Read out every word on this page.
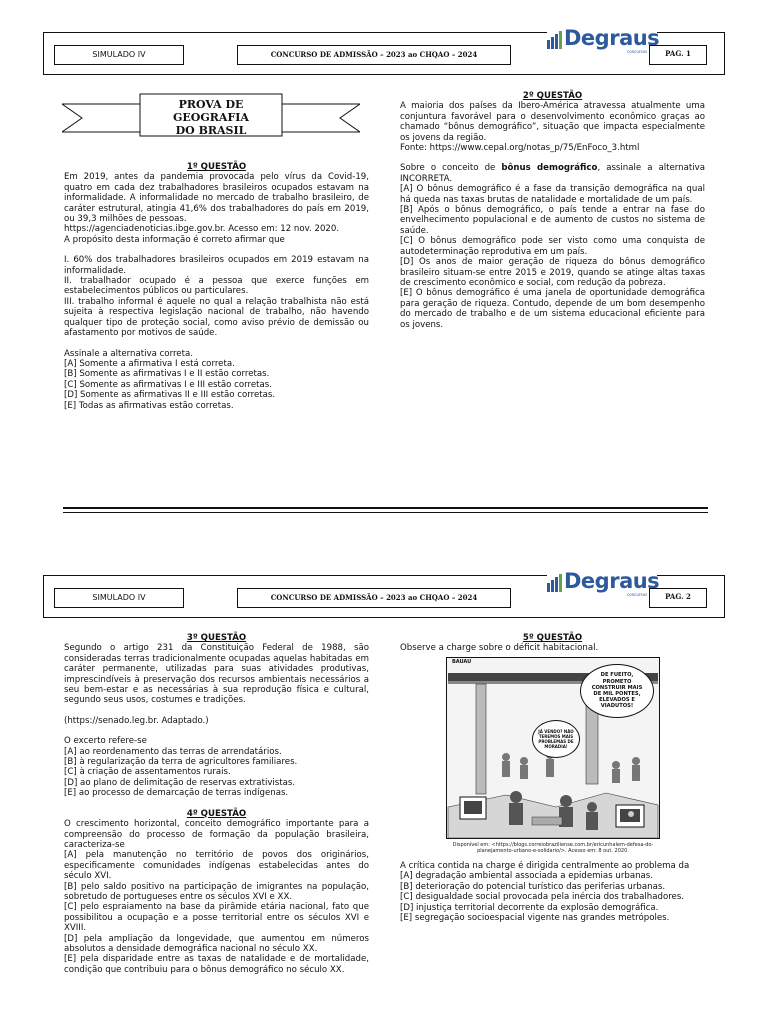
SIMULADO IV	CONCURSO DE ADMISSÃO – 2023 ao CHQAO – 2024
Degraus
concursos	PAG. 1
PROVA DE GEOGRAFIA
DO BRASIL

1º QUESTÃO

Em 2019, antes da pandemia provocada pelo vírus da Covid-19, quatro em cada dez trabalhadores brasileiros ocupados estavam na informalidade. A informalidade no mercado de trabalho brasileiro, de caráter estrutural, atingia 41,6% dos trabalhadores do país em 2019, ou 39,3 milhões de pessoas.

https://agenciadenoticias.ibge.gov.br. Acesso em: 12 nov. 2020.

A propósito desta informação é correto afirmar que

I. 60% dos trabalhadores brasileiros ocupados em 2019 estavam na informalidade.

II. trabalhador ocupado é a pessoa que exerce funções em estabelecimentos públicos ou particulares.

III. trabalho informal é aquele no qual a relação trabalhista não está sujeita à respectiva legislação nacional de trabalho, não havendo qualquer tipo de proteção social, como aviso prévio de demissão ou afastamento por motivos de saúde.

Assinale a alternativa correta.

[A] Somente a afirmativa I está correta.

[B] Somente as afirmativas I e II estão corretas.

[C] Somente as afirmativas I e III estão corretas.

[D] Somente as afirmativas II e III estão corretas.

[E] Todas as afirmativas estão corretas.

2º QUESTÃO

A maioria dos países da Ibero-América atravessa atualmente uma conjuntura favorável para o desenvolvimento econômico graças ao chamado “bônus demográfico”, situação que impacta especialmente os jovens da região.

Fonte: https://www.cepal.org/notas_p/75/EnFoco_3.html

Sobre o conceito de bônus demográfico, assinale a alternativa INCORRETA.

[A] O bônus demográfico é a fase da transição demográfica na qual há queda nas taxas brutas de natalidade e mortalidade de um país.

[B] Após o bônus demográfico, o país tende a entrar na fase do envelhecimento populacional e de aumento de custos no sistema de saúde.

[C] O bônus demográfico pode ser visto como uma conquista de autodeterminação reprodutiva em um país.

[D] Os anos de maior geração de riqueza do bônus demográfico brasileiro situam-se entre 2015 e 2019, quando se atinge altas taxas de crescimento econômico e social, com redução da pobreza.

[E] O bônus demográfico é uma janela de oportunidade demográfica para geração de riqueza. Contudo, depende de um bom desempenho do mercado de trabalho e de um sistema educacional eficiente para os jovens.

SIMULADO IV	CONCURSO DE ADMISSÃO – 2023 ao CHQAO – 2024
Degraus
concursos	PAG. 2

3º QUESTÃO

Segundo o artigo 231 da Constituição Federal de 1988, são consideradas terras tradicionalmente ocupadas aquelas habitadas em caráter permanente, utilizadas para suas atividades produtivas, imprescindíveis à preservação dos recursos ambientais necessários a seu bem-estar e as necessárias à sua reprodução física e cultural, segundo seus usos, costumes e tradições.

(https://senado.leg.br. Adaptado.)

O excerto refere-se

[A] ao reordenamento das terras de arrendatários.

[B] à regularização da terra de agricultores familiares.

[C] à criação de assentamentos rurais.

[D] ao plano de delimitação de reservas extrativistas.

[E] ao processo de demarcação de terras indígenas.

4º QUESTÃO

O crescimento horizontal, conceito demográfico importante para a compreensão do processo de formação da população brasileira, caracteriza-se

[A] pela manutenção no território de povos dos originários, especificamente comunidades indígenas estabelecidas antes do século XVI.

[B] pelo saldo positivo na participação de imigrantes na população, sobretudo de portugueses entre os séculos XVI e XX.

[C] pelo espraiamento na base da pirâmide etária nacional, fato que possibilitou a ocupação e a posse territorial entre os séculos XVI e XVIII.

[D] pela ampliação da longevidade, que aumentou em números absolutos a densidade demográfica nacional no século XX.

[E] pela disparidade entre as taxas de natalidade e de mortalidade, condição que contribuiu para o bônus demográfico no século XX.

5º QUESTÃO

Observe a charge sobre o déficit habitacional.

BAUAU
DE FUEITO, PROMETO CONSTRUIR MAIS DE MIL PONTES, ELEVADOS E VIADUTOS!
JÁ VENDO? NÃO TEREMOS MAIS PROBLEMAS DE MORADIA!

Disponível em: <https://blogs.correiobraziliense.com.br/ericunhalem-defesa-do-planejamento-urbano-e-solidario/>. Acesso em: 8 out. 2020.

A crítica contida na charge é dirigida centralmente ao problema da

[A] degradação ambiental associada a epidemias urbanas.

[B] deterioração do potencial turístico das periferias urbanas.

[C] desigualdade social provocada pela inércia dos trabalhadores.

[D] injustiça territorial decorrente da explosão demográfica.

[E] segregação socioespacial vigente nas grandes metrópoles.
